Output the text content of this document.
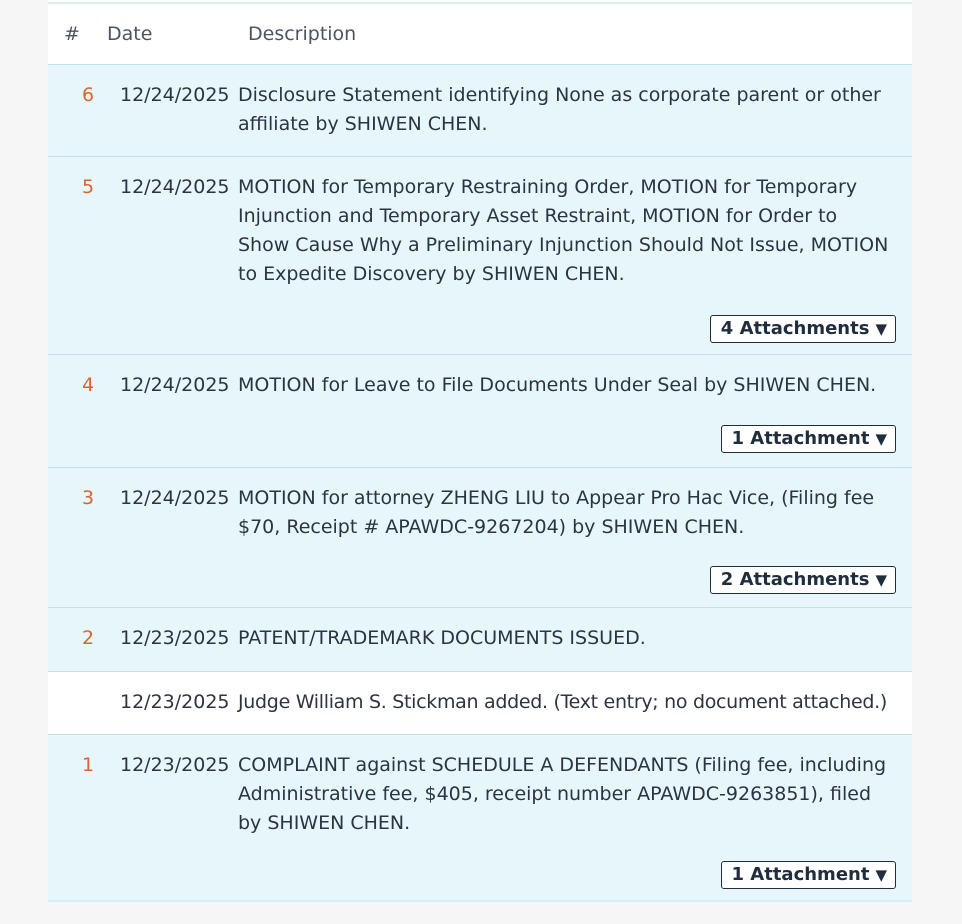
# Date	Description
6 12/24/2025 Disclosure Statement identifying None as corporate parent or other affiliate by SHIWEN CHEN.
5 12/24/2025 MOTION for Temporary Restraining Order, MOTION for Temporary Injunction and Temporary Asset Restraint, MOTION for Order to Show Cause Why a Preliminary Injunction Should Not Issue, MOTION to Expedite Discovery by SHIWEN CHEN.
4 Attachments ▼
4 12/24/2025 MOTION for Leave to File Documents Under Seal by SHIWEN CHEN.
1 Attachment ▼
3 12/24/2025 MOTION for attorney ZHENG LIU to Appear Pro Hac Vice, (Filing fee $70, Receipt # APAWDC-9267204) by SHIWEN CHEN.
2 Attachments ▼
2 12/23/2025 PATENT/TRADEMARK DOCUMENTS ISSUED.
12/23/2025 Judge William S. Stickman added. (Text entry; no document attached.)
1 12/23/2025 COMPLAINT against SCHEDULE A DEFENDANTS (Filing fee, including Administrative fee, $405, receipt number APAWDC-9263851), filed by SHIWEN CHEN.
1 Attachment ▼
